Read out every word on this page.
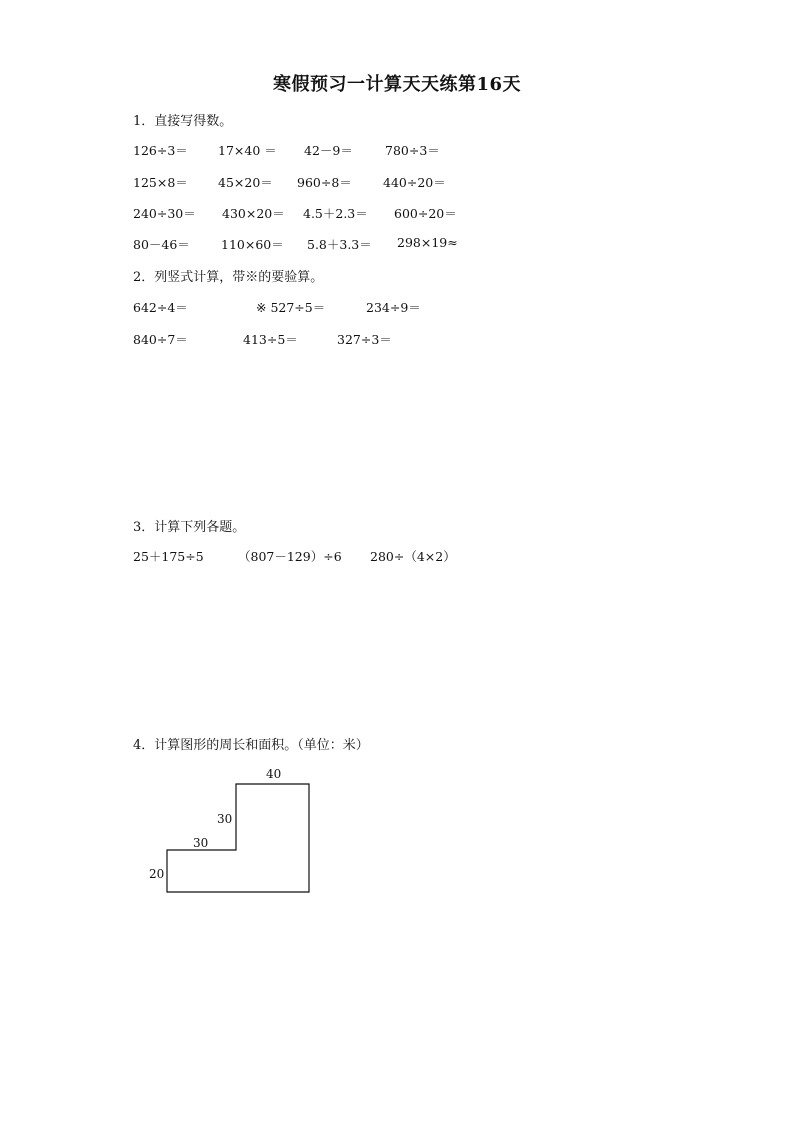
寒假预习一计算天天练第16天
1．直接写得数。
126÷3＝ 17×40 ＝ 42－9＝	780÷3＝
125×8＝ 45×20＝ 960÷8＝ 440÷20＝
240÷30＝ 430×20＝ 4.5＋2.3＝ 600÷20＝
80－46＝ 110×60＝ 5.8＋3.3＝ 298×19≈
2．列竖式计算，带※的要验算。
642÷4＝	※ 527÷5＝	234÷9＝
840÷7＝	413÷5＝	327÷3＝
3．计算下列各题。
25＋175÷5	（807－129）÷6 280÷（4×2）
4．计算图形的周长和面积。（单位：米）
40
30
30
20
